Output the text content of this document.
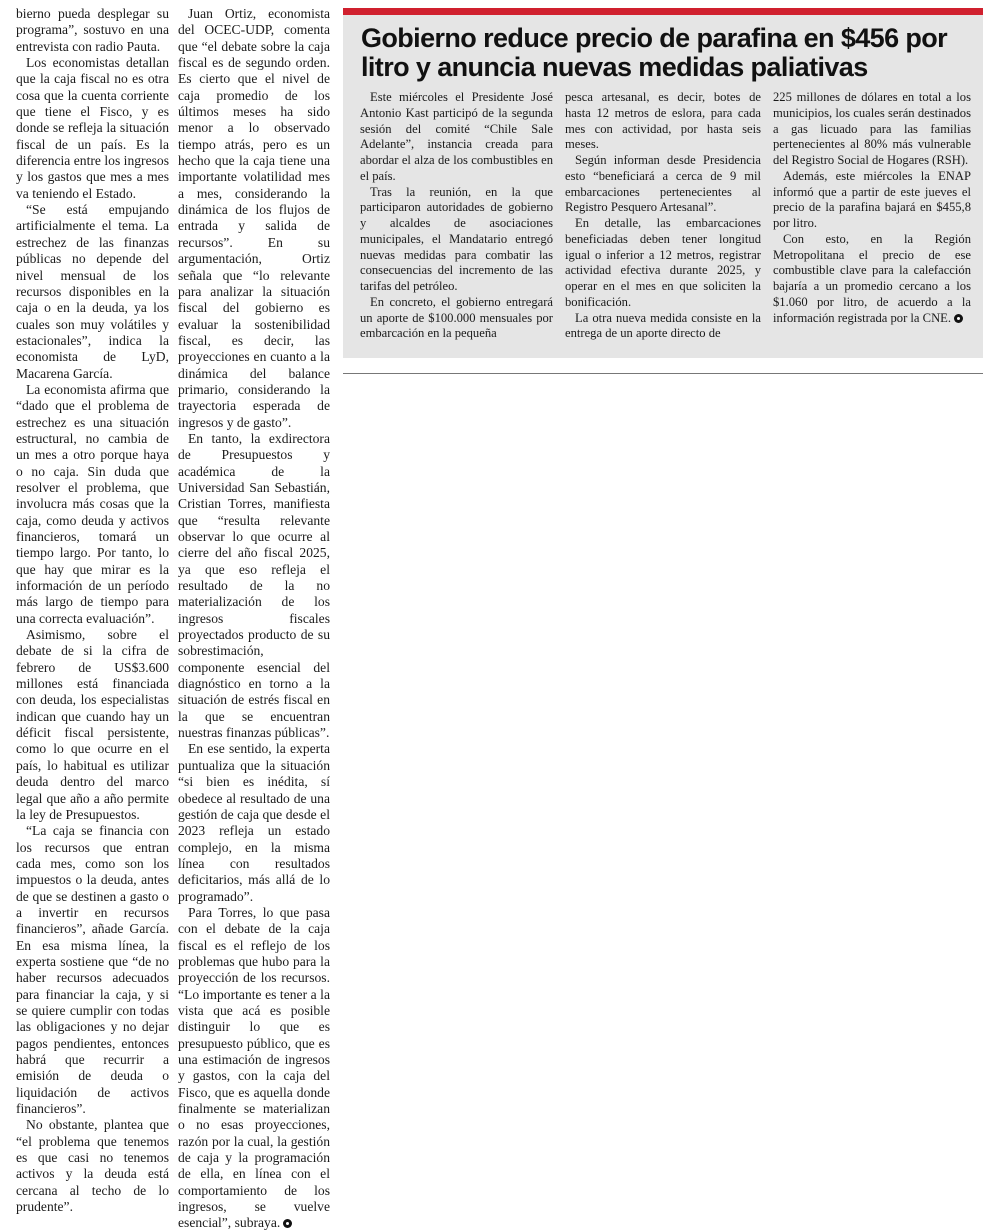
bierno pueda desplegar su programa”, sostuvo en una entrevista con radio Pauta.

Los economistas detallan que la caja fiscal no es otra cosa que la cuenta corriente que tiene el Fisco, y es donde se refleja la situación fiscal de un país. Es la diferencia entre los ingresos y los gastos que mes a mes va teniendo el Estado.

“Se está empujando artificialmente el tema. La estrechez de las finanzas públicas no depende del nivel mensual de los recursos disponibles en la caja o en la deuda, ya los cuales son muy volátiles y estacionales”, indica la economista de LyD, Macarena García.

La economista afirma que “dado que el problema de estrechez es una situación estructural, no cambia de un mes a otro porque haya o no caja. Sin duda que resolver el problema, que involucra más cosas que la caja, como deuda y activos financieros, tomará un tiempo largo. Por tanto, lo que hay que mirar es la información de un período más largo de tiempo para una correcta evaluación”.

Asimismo, sobre el debate de si la cifra de febrero de US$3.600 millones está financiada con deuda, los especialistas indican que cuando hay un déficit fiscal persistente, como lo que ocurre en el país, lo habitual es utilizar deuda dentro del marco legal que año a año permite la ley de Presupuestos.

“La caja se financia con los recursos que entran cada mes, como son los impuestos o la deuda, antes de que se destinen a gasto o a invertir en recursos financieros”, añade García. En esa misma línea, la experta sostiene que “de no haber recursos adecuados para financiar la caja, y si se quiere cumplir con todas las obligaciones y no dejar pagos pendientes, entonces habrá que recurrir a emisión de deuda o liquidación de activos financieros”.

No obstante, plantea que “el problema que tenemos es que casi no tenemos activos y la deuda está cercana al techo de lo prudente”.

Juan Ortiz, economista del OCEC-UDP, comenta que “el debate sobre la caja fiscal es de segundo orden. Es cierto que el nivel de caja promedio de los últimos meses ha sido menor a lo observado tiempo atrás, pero es un hecho que la caja tiene una importante volatilidad mes a mes, considerando la dinámica de los flujos de entrada y salida de recursos”. En su argumentación, Ortiz señala que “lo relevante para analizar la situación fiscal del gobierno es evaluar la sostenibilidad fiscal, es decir, las proyecciones en cuanto a la dinámica del balance primario, considerando la trayectoria esperada de ingresos y de gasto”.

En tanto, la exdirectora de Presupuestos y académica de la Universidad San Sebastián, Cristian Torres, manifiesta que “resulta relevante observar lo que ocurre al cierre del año fiscal 2025, ya que eso refleja el resultado de la no materialización de los ingresos fiscales proyectados producto de su sobrestimación, componente esencial del diagnóstico en torno a la situación de estrés fiscal en la que se encuentran nuestras finanzas públicas”.

En ese sentido, la experta puntualiza que la situación “si bien es inédita, sí obedece al resultado de una gestión de caja que desde el 2023 refleja un estado complejo, en la misma línea con resultados deficitarios, más allá de lo programado”.

Para Torres, lo que pasa con el debate de la caja fiscal es el reflejo de los problemas que hubo para la proyección de los recursos. “Lo importante es tener a la vista que acá es posible distinguir lo que es presupuesto público, que es una estimación de ingresos y gastos, con la caja del Fisco, que es aquella donde finalmente se materializan o no esas proyecciones, razón por la cual, la gestión de caja y la programación de ella, en línea con el comportamiento de los ingresos, se vuelve esencial”, subraya.

Gobierno reduce precio de parafina en $456 por litro y anuncia nuevas medidas paliativas

Este miércoles el Presidente José Antonio Kast participó de la segunda sesión del comité “Chile Sale Adelante”, instancia creada para abordar el alza de los combustibles en el país.

Tras la reunión, en la que participaron autoridades de gobierno y alcaldes de asociaciones municipales, el Mandatario entregó nuevas medidas para combatir las consecuencias del incremento de las tarifas del petróleo.

En concreto, el gobierno entregará un aporte de $100.000 mensuales por embarcación en la pequeña

pesca artesanal, es decir, botes de hasta 12 metros de eslora, para cada mes con actividad, por hasta seis meses.

Según informan desde Presidencia esto “beneficiará a cerca de 9 mil embarcaciones pertenecientes al Registro Pesquero Artesanal”.

En detalle, las embarcaciones beneficiadas deben tener longitud igual o inferior a 12 metros, registrar actividad efectiva durante 2025, y operar en el mes en que soliciten la bonificación.

La otra nueva medida consiste en la entrega de un aporte directo de

225 millones de dólares en total a los municipios, los cuales serán destinados a gas licuado para las familias pertenecientes al 80% más vulnerable del Registro Social de Hogares (RSH).

Además, este miércoles la ENAP informó que a partir de este jueves el precio de la parafina bajará en $455,8 por litro.

Con esto, en la Región Metropolitana el precio de ese combustible clave para la calefacción bajaría a un promedio cercano a los $1.060 por litro, de acuerdo a la información registrada por la CNE.
